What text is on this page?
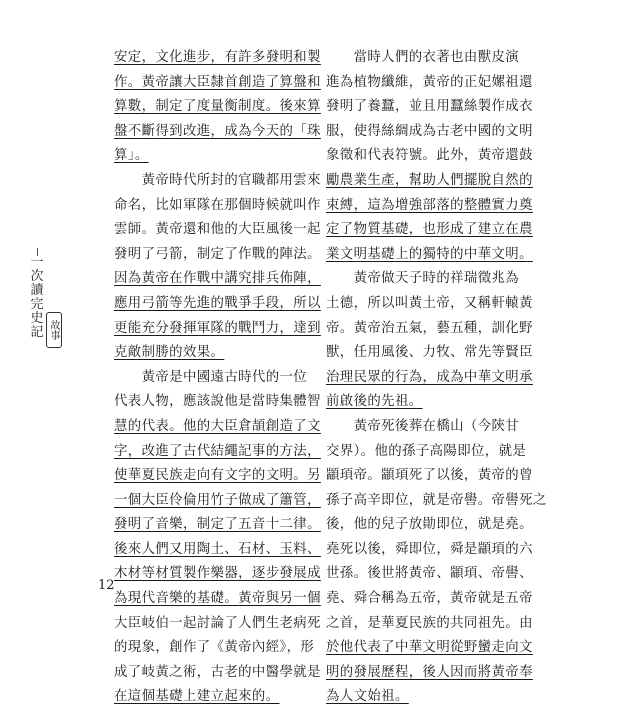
一次讀完史記 故事
安定，文化進步，有許多發明和製
作。黃帝讓大臣隸首創造了算盤和
算數，制定了度量衡制度。後來算
盤不斷得到改進，成為今天的「珠
算」。
　　黃帝時代所封的官職都用雲來
命名，比如軍隊在那個時候就叫作
雲師。黃帝還和他的大臣風後一起
發明了弓箭，制定了作戰的陣法。
因為黃帝在作戰中講究排兵佈陣，
應用弓箭等先進的戰爭手段，所以
更能充分發揮軍隊的戰鬥力，達到
克敵制勝的效果。
　　黃帝是中國遠古時代的一位
代表人物，應該說他是當時集體智
慧的代表。他的大臣倉頡創造了文
字，改進了古代結繩記事的方法，
使華夏民族走向有文字的文明。另
一個大臣伶倫用竹子做成了簫管，
發明了音樂，制定了五音十二律。
後來人們又用陶土、石材、玉料、
木材等材質製作樂器，逐步發展成
為現代音樂的基礎。黃帝與另一個
大臣岐伯一起討論了人們生老病死
的現象，創作了《黃帝內經》，形
成了岐黃之術，古老的中醫學就是
在這個基礎上建立起來的。
　　當時人們的衣著也由獸皮演
進為植物纖維，黃帝的正妃嫘祖還
發明了養蠶，並且用蠶絲製作成衣
服，使得絲綢成為古老中國的文明
象徵和代表符號。此外，黃帝還鼓
勵農業生產，幫助人們擺脫自然的
束縛，這為增強部落的整體實力奠
定了物質基礎，也形成了建立在農
業文明基礎上的獨特的中華文明。
　　黃帝做天子時的祥瑞徵兆為
土德，所以叫黃土帝，又稱軒轅黃
帝。黃帝治五氣，藝五種，訓化野
獸，任用風後、力牧、常先等賢臣
治理民眾的行為，成為中華文明承
前啟後的先祖。
　　黃帝死後葬在橋山（今陝甘
交界）。他的孫子高陽即位，就是
顓頊帝。顓頊死了以後，黃帝的曾
孫子高辛即位，就是帝嚳。帝嚳死之
後，他的兒子放勛即位，就是堯。
堯死以後，舜即位，舜是顓頊的六
世孫。後世將黃帝、顓頊、帝嚳、
堯、舜合稱為五帝，黃帝就是五帝
之首，是華夏民族的共同祖先。由
於他代表了中華文明從野蠻走向文
明的發展歷程，後人因而將黃帝奉
為人文始祖。
12
